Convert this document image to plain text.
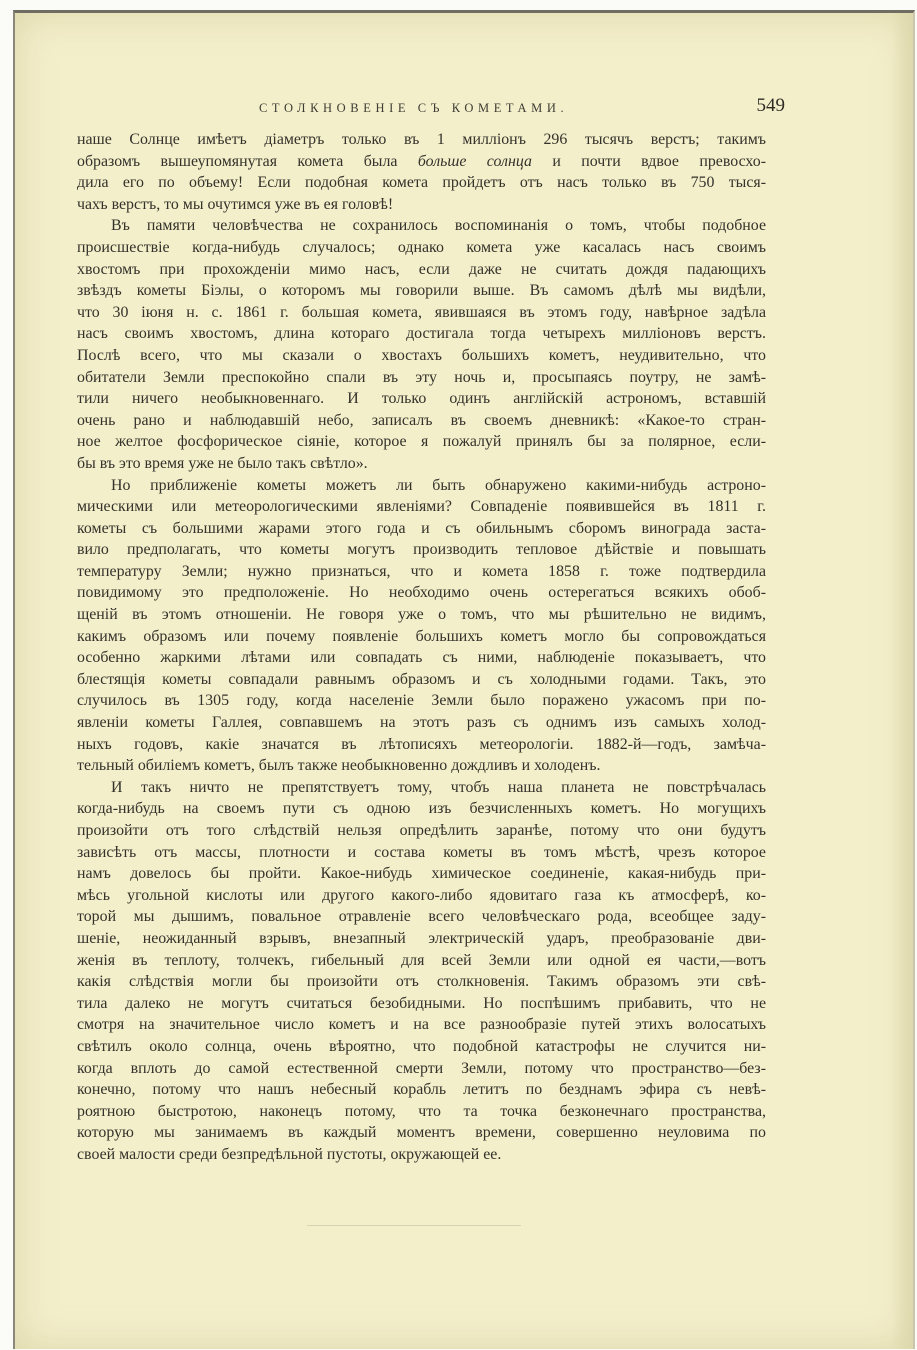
СТОЛКНОВЕНІЕ СЪ КОМЕТАМИ.	549
наше Солнце имѣетъ діаметръ только въ 1 милліонъ 296 тысячъ верстъ; такимъ
образомъ вышеупомянутая комета была больше солнца и почти вдвое превосхо-
дила его по объему! Если подобная комета пройдетъ отъ насъ только въ 750 тыся-
чахъ верстъ, то мы очутимся уже въ ея головѣ!
Въ памяти человѣчества не сохранилось воспоминанія о томъ, чтобы подобное
происшествіе когда-нибудь случалось; однако комета уже касалась насъ своимъ
хвостомъ при прохожденіи мимо насъ, если даже не считать дождя падающихъ
звѣздъ кометы Біэлы, о которомъ мы говорили выше. Въ самомъ дѣлѣ мы видѣли,
что 30 іюня н. с. 1861 г. большая комета, явившаяся въ этомъ году, навѣрное задѣла
насъ своимъ хвостомъ, длина котораго достигала тогда четырехъ милліоновъ верстъ.
Послѣ всего, что мы сказали о хвостахъ большихъ кометъ, неудивительно, что
обитатели Земли преспокойно спали въ эту ночь и, просыпаясь поутру, не замѣ-
тили ничего необыкновеннаго. И только одинъ англійскій астрономъ, вставшій
очень рано и наблюдавшій небо, записалъ въ своемъ дневникѣ: «Какое-то стран-
ное желтое фосфорическое сіяніе, которое я пожалуй принялъ бы за полярное, если-
бы въ это время уже не было такъ свѣтло».
Но приближеніе кометы можетъ ли быть обнаружено какими-нибудь астроно-
мическими или метеорологическими явленіями? Совпаденіе появившейся въ 1811 г.
кометы съ большими жарами этого года и съ обильнымъ сборомъ винограда заста-
вило предполагать, что кометы могутъ производить тепловое дѣйствіе и повышать
температуру Земли; нужно признаться, что и комета 1858 г. тоже подтвердила
повидимому это предположеніе. Но необходимо очень остерегаться всякихъ обоб-
щеній въ этомъ отношеніи. Не говоря уже о томъ, что мы рѣшительно не видимъ,
какимъ образомъ или почему появленіе большихъ кометъ могло бы сопровождаться
особенно жаркими лѣтами или совпадать съ ними, наблюденіе показываетъ, что
блестящія кометы совпадали равнымъ образомъ и съ холодными годами. Такъ, это
случилось въ 1305 году, когда населеніе Земли было поражено ужасомъ при по-
явленіи кометы Галлея, совпавшемъ на этотъ разъ съ однимъ изъ самыхъ холод-
ныхъ годовъ, какіе значатся въ лѣтописяхъ метеорологіи. 1882-й—годъ, замѣча-
тельный обиліемъ кометъ, былъ также необыкновенно дождливъ и холоденъ.
И такъ ничто не препятствуетъ тому, чтобъ наша планета не повстрѣчалась
когда-нибудь на своемъ пути съ одною изъ безчисленныхъ кометъ. Но могущихъ
произойти отъ того слѣдствій нельзя опредѣлить заранѣе, потому что они будутъ
зависѣть отъ массы, плотности и состава кометы въ томъ мѣстѣ, чрезъ которое
намъ довелось бы пройти. Какое-нибудь химическое соединеніе, какая-нибудь при-
мѣсь угольной кислоты или другого какого-либо ядовитаго газа къ атмосферѣ, ко-
торой мы дышимъ, повальное отравленіе всего человѣческаго рода, всеобщее заду-
шеніе, неожиданный взрывъ, внезапный электрическій ударъ, преобразованіе дви-
женія въ теплоту, толчекъ, гибельный для всей Земли или одной ея части,—вотъ
какія слѣдствія могли бы произойти отъ столкновенія. Такимъ образомъ эти свѣ-
тила далеко не могутъ считаться безобидными. Но поспѣшимъ прибавить, что не
смотря на значительное число кометъ и на все разнообразіе путей этихъ волосатыхъ
свѣтилъ около солнца, очень вѣроятно, что подобной катастрофы не случится ни-
когда вплоть до самой естественной смерти Земли, потому что пространство—без-
конечно, потому что нашъ небесный корабль летитъ по безднамъ эфира съ невѣ-
роятною быстротою, наконецъ потому, что та точка безконечнаго пространства,
которую мы занимаемъ въ каждый моментъ времени, совершенно неуловима по
своей малости среди безпредѣльной пустоты, окружающей ее.
